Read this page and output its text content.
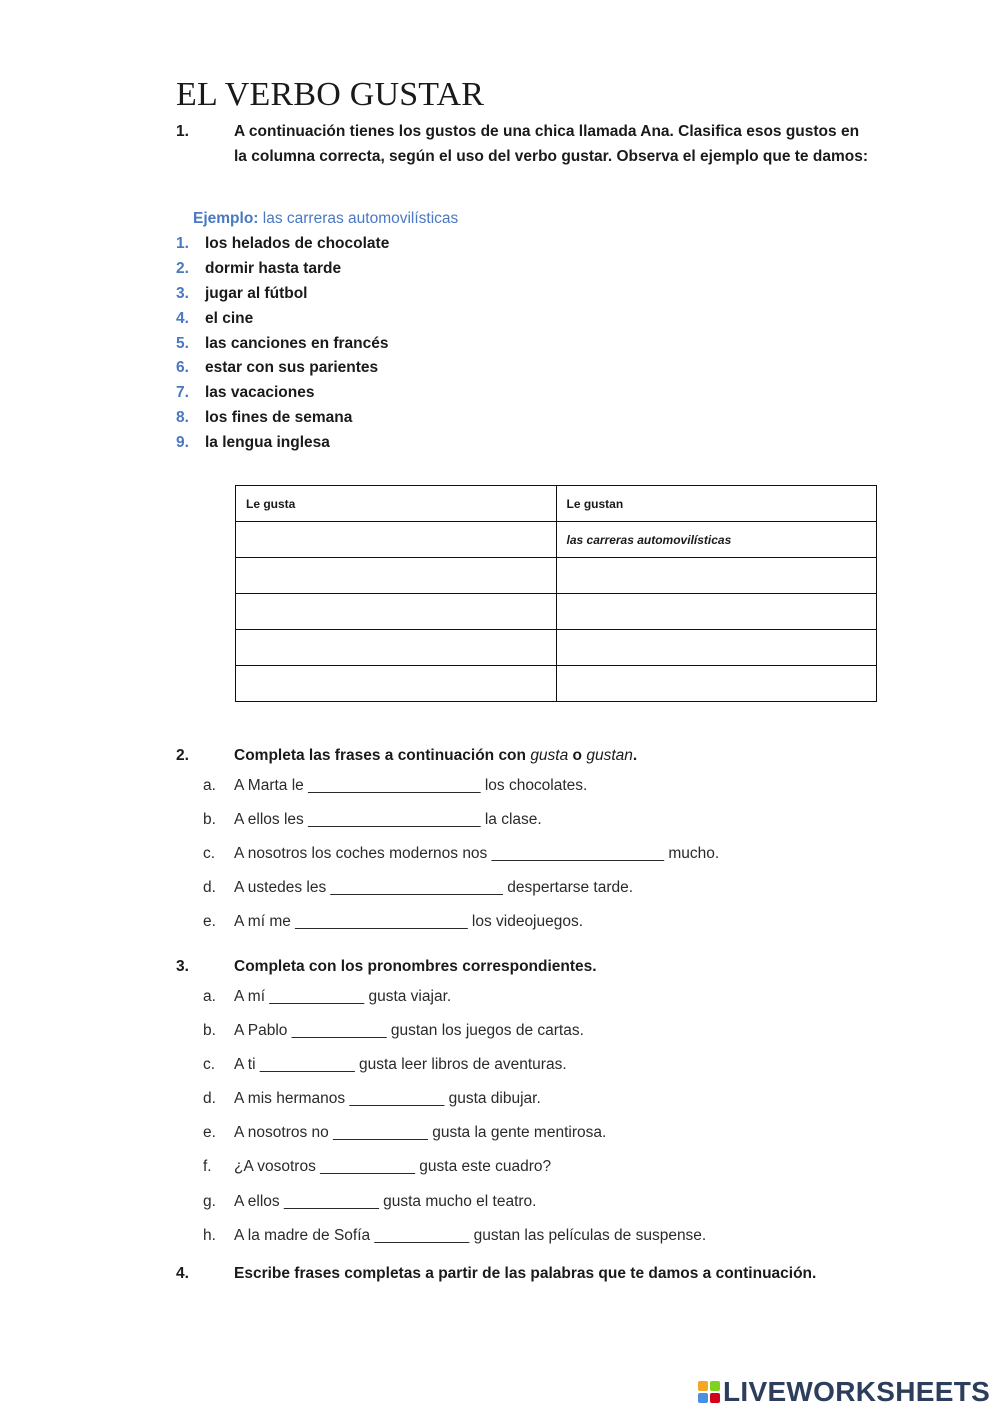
EL VERBO GUSTAR
1.	A continuación tienes los gustos de una chica llamada Ana. Clasifica esos gustos en la columna correcta, según el uso del verbo gustar. Observa el ejemplo que te damos:
Ejemplo: las carreras automovilísticas
1.	los helados de chocolate
2.	dormir hasta tarde
3.	jugar al fútbol
4.	el cine
5.	las canciones en francés
6.	estar con sus parientes
7.	las vacaciones
8.	los fines de semana
9.	la lengua inglesa
Le gusta	Le gustan
	las carreras automovilísticas

2.	Completa las frases a continuación con gusta o gustan.
a.	A Marta le ____________________ los chocolates.
b.	A ellos les ____________________ la clase.
c.	A nosotros los coches modernos nos ____________________ mucho.
d.	A ustedes les ____________________ despertarse tarde.
e.	A mí me ____________________ los videojuegos.
3.	Completa con los pronombres correspondientes.
a.	A mí ___________ gusta viajar.
b.	A Pablo ___________ gustan los juegos de cartas.
c.	A ti ___________ gusta leer libros de aventuras.
d.	A mis hermanos ___________ gusta dibujar.
e.	A nosotros no ___________ gusta la gente mentirosa.
f.	¿A vosotros ___________ gusta este cuadro?
g.	A ellos ___________ gusta mucho el teatro.
h.	A la madre de Sofía ___________ gustan las películas de suspense.
4.	Escribe frases completas a partir de las palabras que te damos a continuación.
LIVEWORKSHEETS
